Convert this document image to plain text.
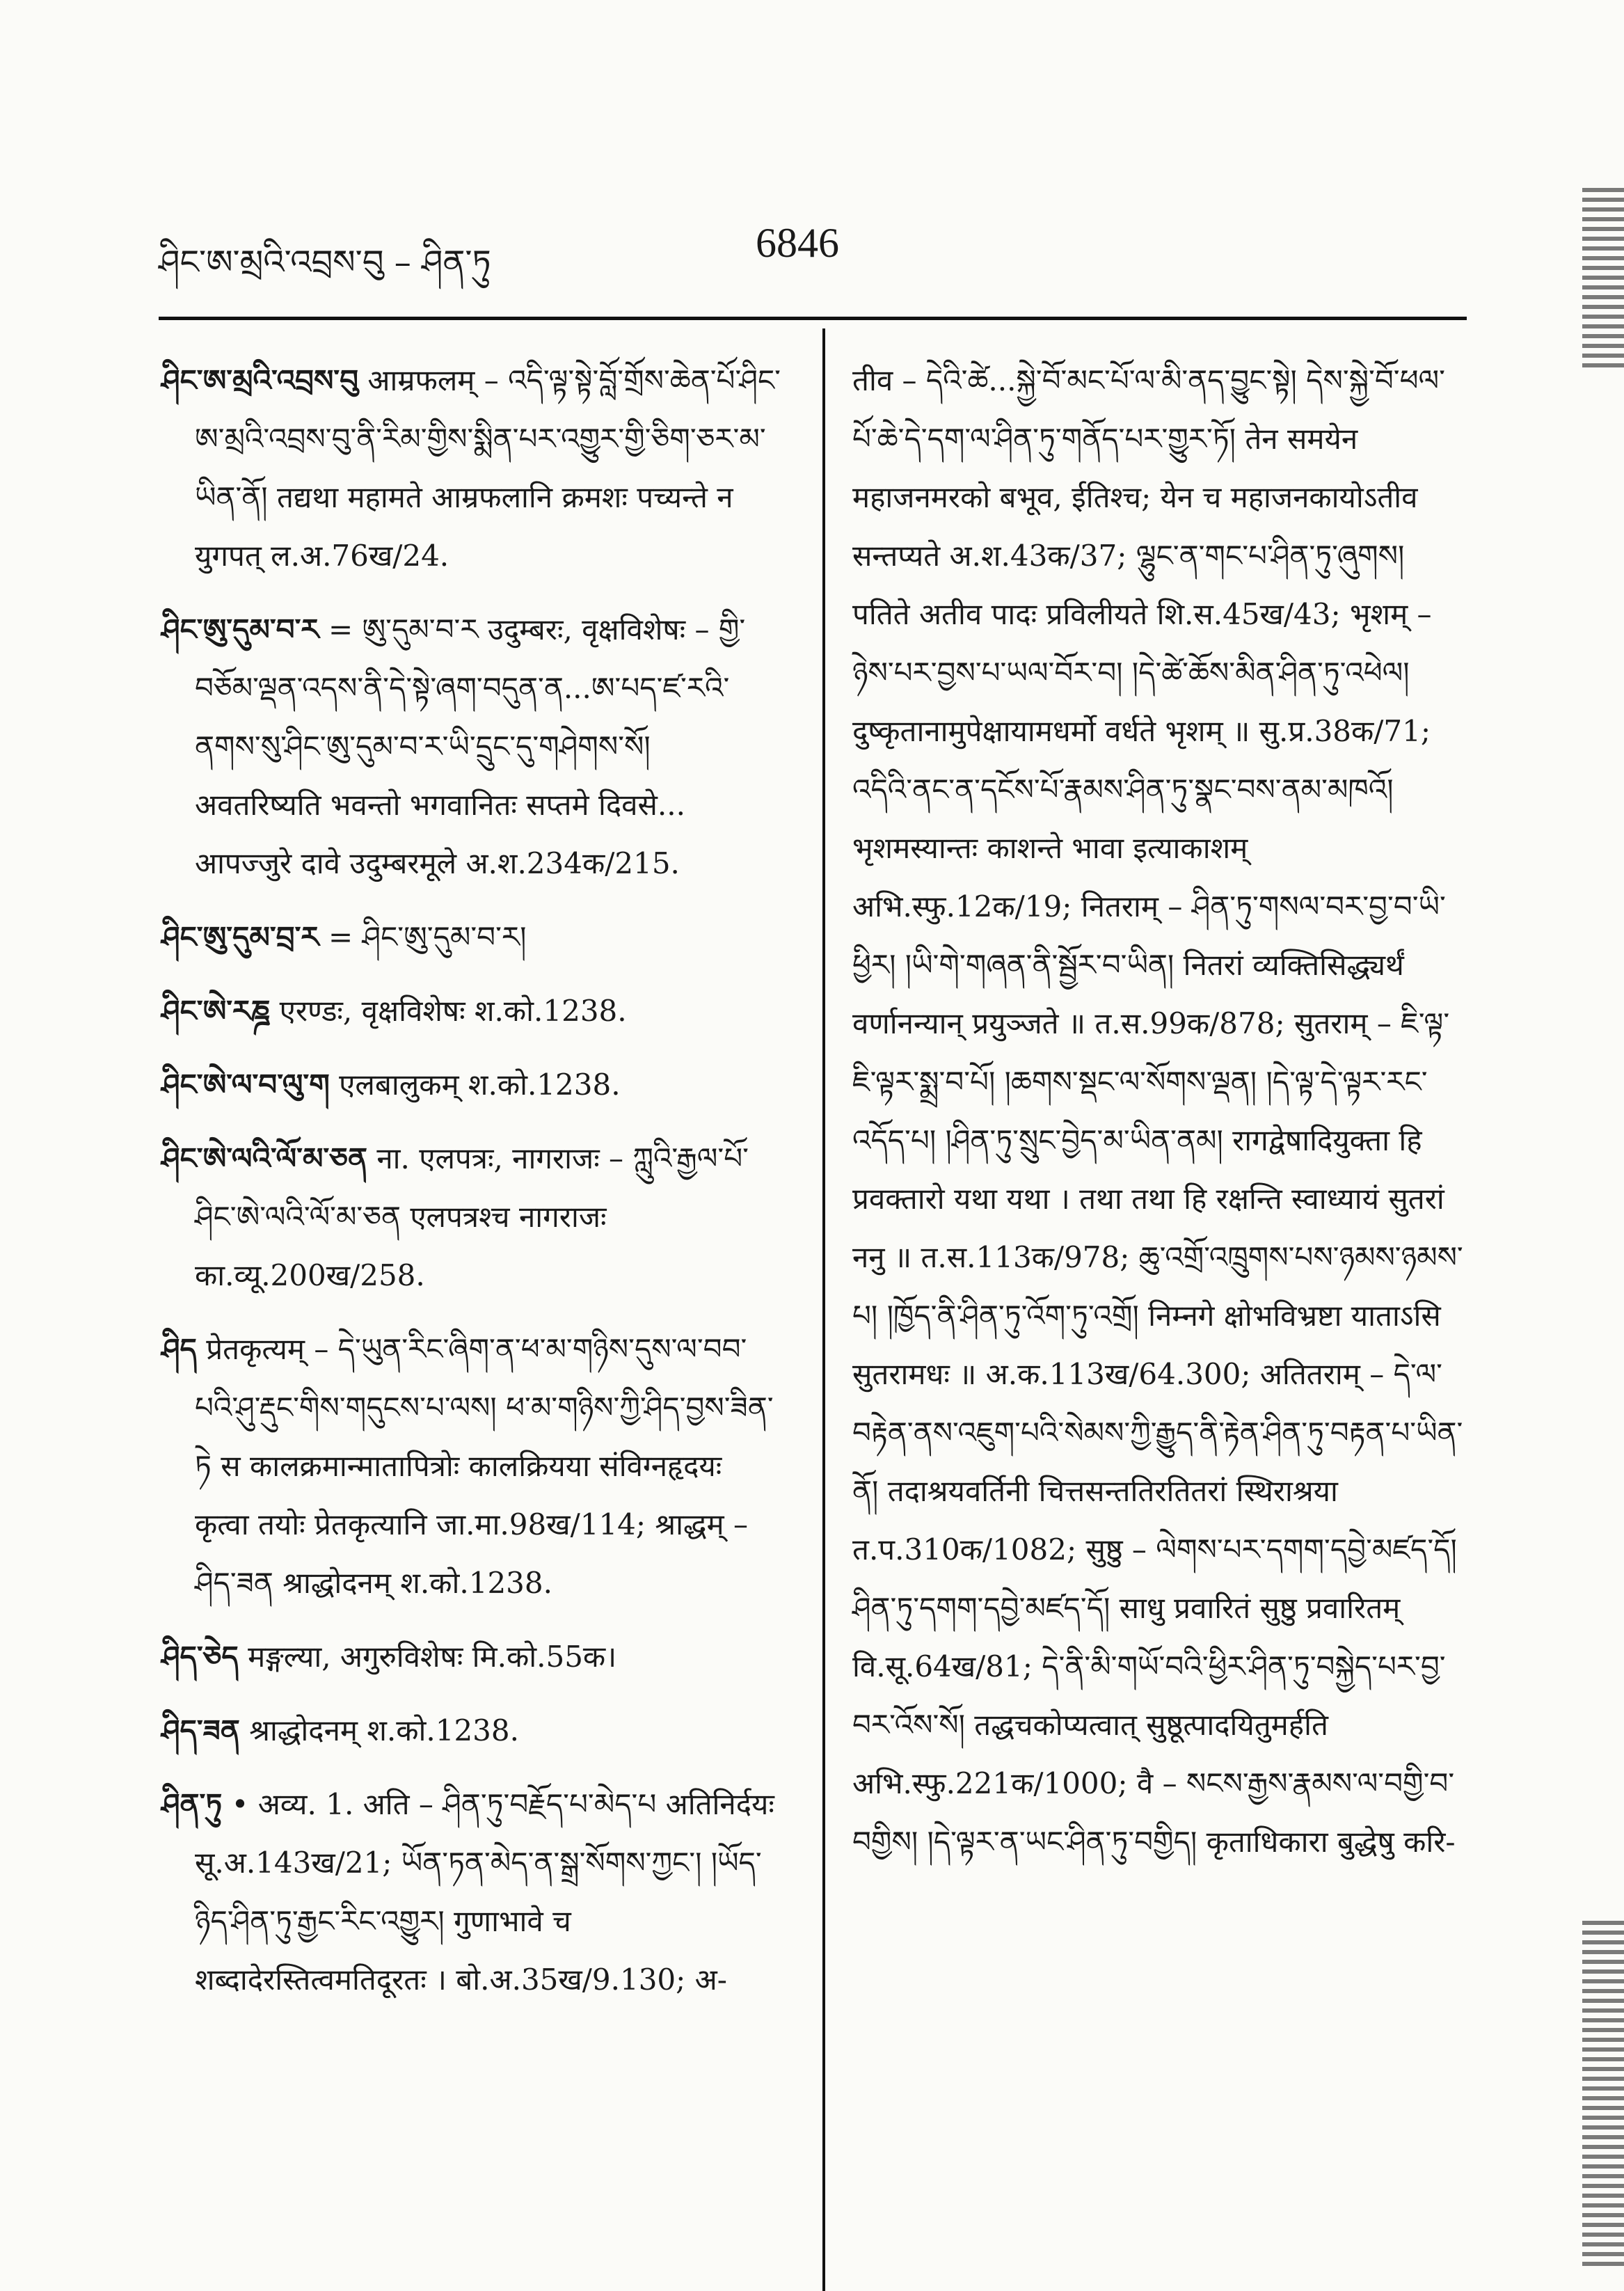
ཤིང་ཨ་མྲའི་འབྲས་བུ – ཤིན་ཏུ	6846
ཤིང་ཨ་མྲའི་འབྲས་བུ आम्रफलम् – འདི་ལྟ་སྟེ་བློ་གྲོས་ཆེན་པོ་ཤིང་ཨ་མྲའི་འབྲས་བུ་ནི་རིམ་གྱིས་སྨིན་པར་འགྱུར་གྱི་ཅིག་ཅར་མ་ཡིན་ནོ། तद्यथा महामते आम्रफलानि क्रमशः पच्यन्ते न युगपत् ल.अ.76ख/24.
ཤིང་ཨུ་དུམ་བ་ར = ཨུ་དུམ་བ་ར उदुम्बरः, वृक्षविशेषः – གྱི་བཅོམ་ལྡན་འདས་ནི་དེ་སྟེ་ཞག་བདུན་ན...ཨ་པད་ཛ་རའི་ནགས་སུ་ཤིང་ཨུ་དུམ་བ་ར་ཡི་དྲུང་དུ་གཤེགས་སོ། अवतरिष्यति भवन्तो भगवानितः सप्तमे दिवसे... आपज्जुरे दावे उदुम्बरमूले अ.श.234क/215.
ཤིང་ཨུ་དུམ་བྲ་ར = ཤིང་ཨུ་དུམ་བ་ར།
ཤིང་ཨེ་རཎྜ एरण्डः, वृक्षविशेषः श.को.1238.
ཤིང་ཨེ་ལ་བ་ལུ་ག एलबालुकम् श.को.1238.
ཤིང་ཨེ་ལའི་ལོ་མ་ཅན ना. एलपत्रः, नागराजः – ཀླུའི་རྒྱལ་པོ་ཤིང་ཨེ་ལའི་ལོ་མ་ཅན एलपत्रश्च नागराजः का.व्यू.200ख/258.
ཤིད प्रेतकृत्यम् – དེ་ཡུན་རིང་ཞིག་ན་ཕ་མ་གཉིས་དུས་ལ་བབ་པའི་ཤུ་རྡུང་གིས་གདུངས་པ་ལས། ཕ་མ་གཉིས་ཀྱི་ཤིད་བྱས་ཟིན་ཏེ स कालक्रमान्मातापित्रोः कालक्रियया संविग्नहृदयः कृत्वा तयोः प्रेतकृत्यानि जा.मा.98ख/114; श्राद्धम् – ཤིད་ཟན श्राद्धोदनम् श.को.1238.
ཤིད་ཅེད मङ्गल्या, अगुरुविशेषः मि.को.55क।
ཤིད་ཟན श्राद्धोदनम् श.को.1238.
ཤིན་ཏུ • अव्य. 1. अति – ཤིན་ཏུ་བརྗོད་པ་མེད་པ अतिनिर्दयः सू.अ.143ख/21; ཡོན་ཏན་མེད་ན་སྒྲ་སོགས་ཀྱང་། །ཡོད་ཉིད་ཤིན་ཏུ་རྒྱང་རིང་འགྱུར། गुणाभावे च शब्दादेरस्तित्वमतिदूरतः । बो.अ.35ख/9.130; अ-

तीव – དེའི་ཚེ...སྐྱེ་བོ་མང་པོ་ལ་མི་ནད་བྱུང་སྟེ། དེས་སྐྱེ་བོ་ཕལ་པོ་ཆེ་དེ་དག་ལ་ཤིན་ཏུ་གནོད་པར་གྱུར་ཏོ། तेन समयेन महाजनमरको बभूव, ईतिश्च; येन च महाजनकायोऽतीव सन्तप्यते अ.श.43क/37; ལྷུང་ན་གང་པ་ཤིན་ཏུ་ཞུགས། पतिते अतीव पादः प्रविलीयते शि.स.45ख/43; भृशम् – ཉེས་པར་བྱས་པ་ཡལ་བོར་བ། །དེ་ཚེ་ཆོས་མིན་ཤིན་ཏུ་འཕེལ། दुष्कृतानामुपेक्षायामधर्मो वर्धते भृशम् ॥ सु.प्र.38क/71; འདིའི་ནང་ན་དངོས་པོ་རྣམས་ཤིན་ཏུ་སྣང་བས་ནམ་མཁའོ། भृशमस्यान्तः काशन्ते भावा इत्याकाशम् अभि.स्फु.12क/19; नितराम् – ཤིན་ཏུ་གསལ་བར་བྱ་བ་ཡི་ཕྱིར། །ཡི་གེ་གཞན་ནི་སྦྱོར་བ་ཡིན། नितरां व्यक्तिसिद्ध्यर्थं वर्णानन्यान् प्रयुञ्जते ॥ त.स.99क/878; सुतराम् – ཇི་ལྟ་ཇི་ལྟར་སྨྲ་བ་པོ། །ཆགས་སྡང་ལ་སོགས་ལྡན། །དེ་ལྟ་དེ་ལྟར་རང་འདོད་པ། །ཤིན་ཏུ་སྲུང་བྱེད་མ་ཡིན་ནམ། रागद्वेषादियुक्ता हि प्रवक्तारो यथा यथा । तथा तथा हि रक्षन्ति स्वाध्यायं सुतरां ननु ॥ त.स.113क/978; ཆུ་འགྲོ་འཁྲུགས་པས་ཉམས་ཉམས་པ། །ཁྱོད་ནི་ཤིན་ཏུ་འོག་ཏུ་འགྲོ། निम्नगे क्षोभविभ्रष्टा याताऽसि सुतरामधः ॥ अ.क.113ख/64.300; अतितराम् – དེ་ལ་བརྟེན་ནས་འཇུག་པའི་སེམས་ཀྱི་རྒྱུད་ནི་རྟེན་ཤིན་ཏུ་བརྟན་པ་ཡིན་ནོ། तदाश्रयवर्तिनी चित्तसन्ततिरतितरां स्थिराश्रया त.प.310क/1082; सुष्ठु – ལེགས་པར་དགག་དབྱེ་མཛད་དོ། ཤིན་ཏུ་དགག་དབྱེ་མཛད་དོ། साधु प्रवारितं सुष्ठु प्रवारितम् वि.सू.64ख/81; དེ་ནི་མི་གཡོ་བའི་ཕྱིར་ཤིན་ཏུ་བསྐྱེད་པར་བྱ་བར་འོས་སོ། तद्धचकोप्यत्वात् सुष्ठूत्पादयितुमर्हति अभि.स्फु.221क/1000; वै – སངས་རྒྱས་རྣམས་ལ་བགྱི་བ་བགྱིས། །དེ་ལྟར་ན་ཡང་ཤིན་ཏུ་བགྱིད། कृताधिकारा बुद्धेषु करि-
